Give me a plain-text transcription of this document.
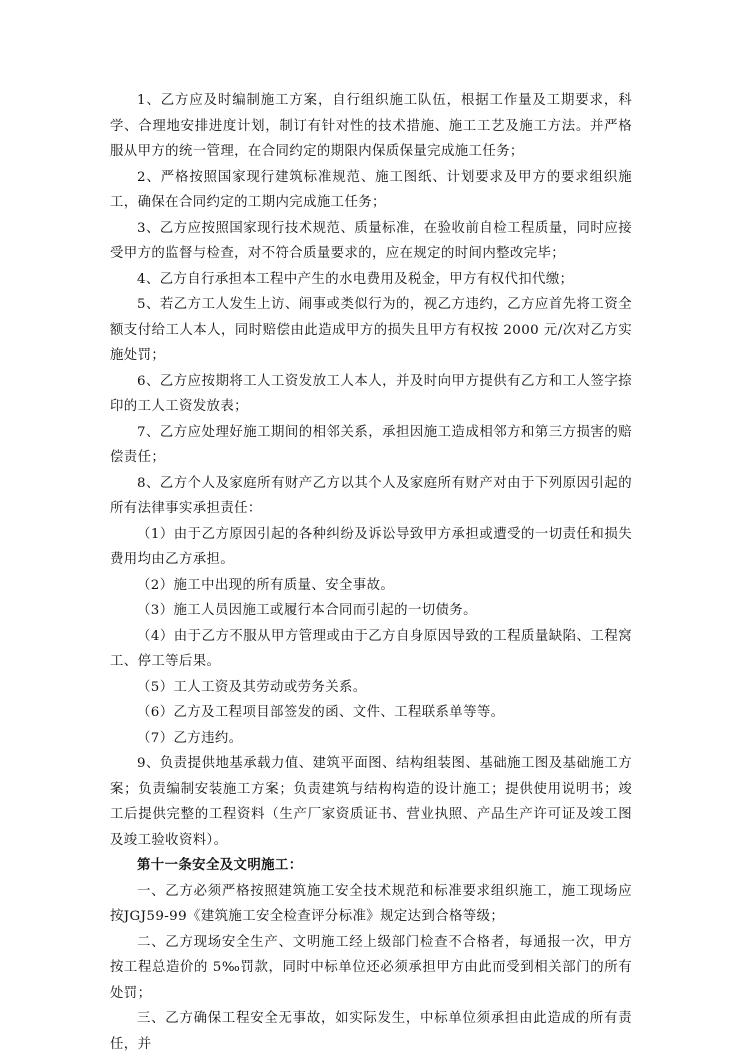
1、乙方应及时编制施工方案，自行组织施工队伍，根据工作量及工期要求，科学、合理地安排进度计划，制订有针对性的技术措施、施工工艺及施工方法。并严格服从甲方的统一管理，在合同约定的期限内保质保量完成施工任务；

2、严格按照国家现行建筑标准规范、施工图纸、计划要求及甲方的要求组织施工，确保在合同约定的工期内完成施工任务；

3、乙方应按照国家现行技术规范、质量标准，在验收前自检工程质量，同时应接受甲方的监督与检查，对不符合质量要求的，应在规定的时间内整改完毕；

4、乙方自行承担本工程中产生的水电费用及税金，甲方有权代扣代缴；

5、若乙方工人发生上访、闹事或类似行为的，视乙方违约，乙方应首先将工资全额支付给工人本人，同时赔偿由此造成甲方的损失且甲方有权按 2000 元/次对乙方实施处罚；

6、乙方应按期将工人工资发放工人本人，并及时向甲方提供有乙方和工人签字捺印的工人工资发放表；

7、乙方应处理好施工期间的相邻关系，承担因施工造成相邻方和第三方损害的赔偿责任；

8、乙方个人及家庭所有财产乙方以其个人及家庭所有财产对由于下列原因引起的所有法律事实承担责任：

（1）由于乙方原因引起的各种纠纷及诉讼导致甲方承担或遭受的一切责任和损失费用均由乙方承担。

（2）施工中出现的所有质量、安全事故。

（3）施工人员因施工或履行本合同而引起的一切债务。

（4）由于乙方不服从甲方管理或由于乙方自身原因导致的工程质量缺陷、工程窝工、停工等后果。

（5）工人工资及其劳动或劳务关系。

（6）乙方及工程项目部签发的函、文件、工程联系单等等。

（7）乙方违约。

9、负责提供地基承载力值、建筑平面图、结构组装图、基础施工图及基础施工方案；负责编制安装施工方案；负责建筑与结构构造的设计施工；提供使用说明书；竣工后提供完整的工程资料（生产厂家资质证书、营业执照、产品生产许可证及竣工图及竣工验收资料）。

第十一条安全及文明施工：

一、乙方必须严格按照建筑施工安全技术规范和标准要求组织施工，施工现场应按JGJ59-99《建筑施工安全检查评分标准》规定达到合格等级；

二、乙方现场安全生产、文明施工经上级部门检查不合格者，每通报一次，甲方按工程总造价的 5‰罚款，同时中标单位还必须承担甲方由此而受到相关部门的所有处罚；

三、乙方确保工程安全无事故，如实际发生，中标单位须承担由此造成的所有责任，并
